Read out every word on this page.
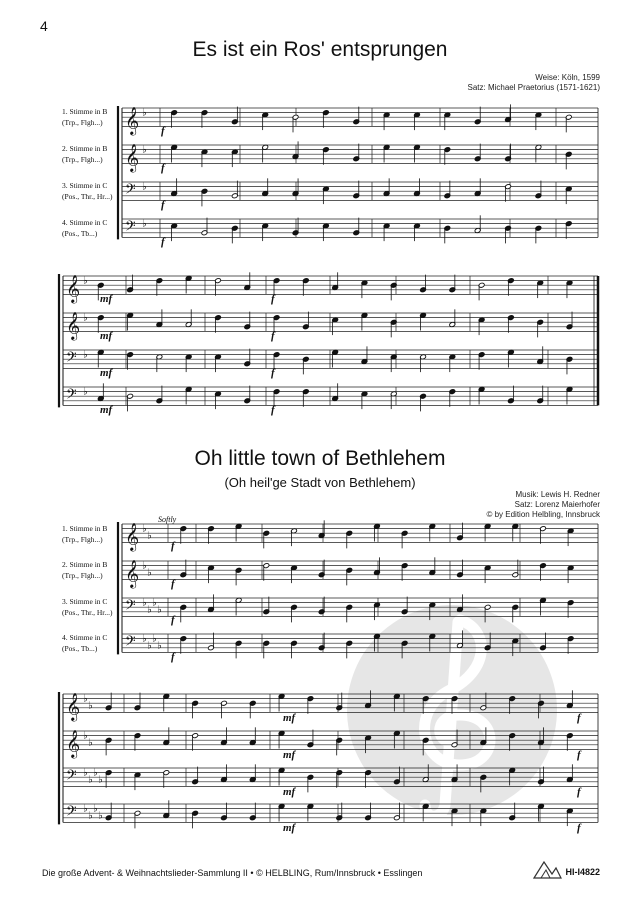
4
Es ist ein Ros' entsprungen
Weise: Köln, 1599
Satz: Michael Praetorius (1571-1621)
1. Stimme in B
(Trp., Flgh...)
2. Stimme in B
(Trp., Flgh...)
3. Stimme in C
(Pos., Thr., Hr...)
4. Stimme in C
(Pos., Tb...)
f
f
f
f
mf
mf
mf
mf
f
f
f
f
Oh little town of Bethlehem
(Oh heil'ge Stadt von Bethlehem)
Musik: Lewis H. Redner
Satz: Lorenz Maierhofer
© by Edition Helbling, Innsbruck
Softly
1. Stimme in B
(Trp., Flgh...)
2. Stimme in B
(Trp., Flgh...)
3. Stimme in C
(Pos., Thr., Hr...)
4. Stimme in C
(Pos., Tb...)
f
f
f
f
mf
mf
mf
mf
f
f
f
f
𝄞 ♭
𝄞 ♭
𝄢 ♭
𝄢 ♭
𝄞 ♭
𝄞 ♭
𝄢 ♭
𝄢 ♭
𝄞 ♭
♭
𝄞 ♭
♭
𝄢 ♭
♭
♭
♭
𝄢 ♭
♭
♭
♭
𝄞 ♭
♭
𝄞 ♭
♭
𝄢 ♭
♭
♭
♭
𝄢 ♭
♭
♭
♭
Die große Advent- & Weihnachtslieder-Sammlung II • © HELBLING, Rum/Innsbruck • Esslingen	HI-I4822
